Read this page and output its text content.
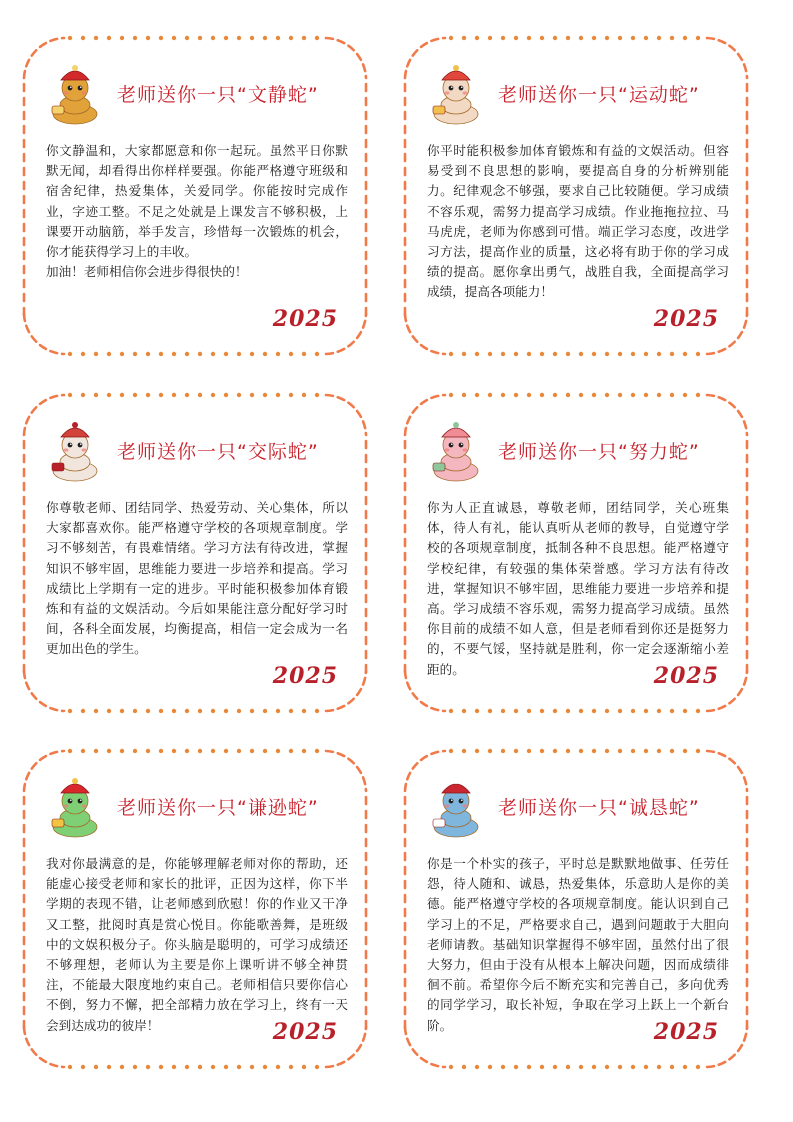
老师送你一只“文静蛇”

你文静温和，大家都愿意和你一起玩。虽然平日你默默无闻，却看得出你样样要强。你能严格遵守班级和宿舍纪律，热爱集体，关爱同学。你能按时完成作业，字迹工整。不足之处就是上课发言不够积极，上课要开动脑筋，举手发言，珍惜每一次锻炼的机会，你才能获得学习上的丰收。

加油！老师相信你会进步得很快的！

2025
老师送你一只“运动蛇”

你平时能积极参加体育锻炼和有益的文娱活动。但容易受到不良思想的影响，要提高自身的分析辨别能力。纪律观念不够强，要求自己比较随便。学习成绩不容乐观，需努力提高学习成绩。作业拖拖拉拉、马马虎虎，老师为你感到可惜。端正学习态度，改进学习方法，提高作业的质量，这必将有助于你的学习成绩的提高。愿你拿出勇气，战胜自我，全面提高学习成绩，提高各项能力！

2025
老师送你一只“交际蛇”

你尊敬老师、团结同学、热爱劳动、关心集体，所以大家都喜欢你。能严格遵守学校的各项规章制度。学习不够刻苦，有畏难情绪。学习方法有待改进，掌握知识不够牢固，思维能力要进一步培养和提高。学习成绩比上学期有一定的进步。平时能积极参加体育锻炼和有益的文娱活动。今后如果能注意分配好学习时间，各科全面发展，均衡提高，相信一定会成为一名更加出色的学生。

2025
老师送你一只“努力蛇”

你为人正直诚恳，尊敬老师，团结同学，关心班集体，待人有礼，能认真听从老师的教导，自觉遵守学校的各项规章制度，抵制各种不良思想。能严格遵守学校纪律，有较强的集体荣誉感。学习方法有待改进，掌握知识不够牢固，思维能力要进一步培养和提高。学习成绩不容乐观，需努力提高学习成绩。虽然你目前的成绩不如人意，但是老师看到你还是挺努力的，不要气馁，坚持就是胜利，你一定会逐渐缩小差距的。	2025
老师送你一只“谦逊蛇”

我对你最满意的是，你能够理解老师对你的帮助，还能虚心接受老师和家长的批评，正因为这样，你下半学期的表现不错，让老师感到欣慰！你的作业又干净又工整，批阅时真是赏心悦目。你能歌善舞，是班级中的文娱积极分子。你头脑是聪明的，可学习成绩还不够理想，老师认为主要是你上课听讲不够全神贯注，不能最大限度地约束自己。老师相信只要你信心不倒，努力不懈，把全部精力放在学习上，终有一天会到达成功的彼岸！	2025
老师送你一只“诚恳蛇”

你是一个朴实的孩子，平时总是默默地做事、任劳任怨，待人随和、诚恳，热爱集体，乐意助人是你的美德。能严格遵守学校的各项规章制度。能认识到自己学习上的不足，严格要求自己，遇到问题敢于大胆向老师请教。基础知识掌握得不够牢固，虽然付出了很大努力，但由于没有从根本上解决问题，因而成绩徘徊不前。希望你今后不断充实和完善自己，多向优秀的同学学习，取长补短，争取在学习上跃上一个新台阶。	2025
